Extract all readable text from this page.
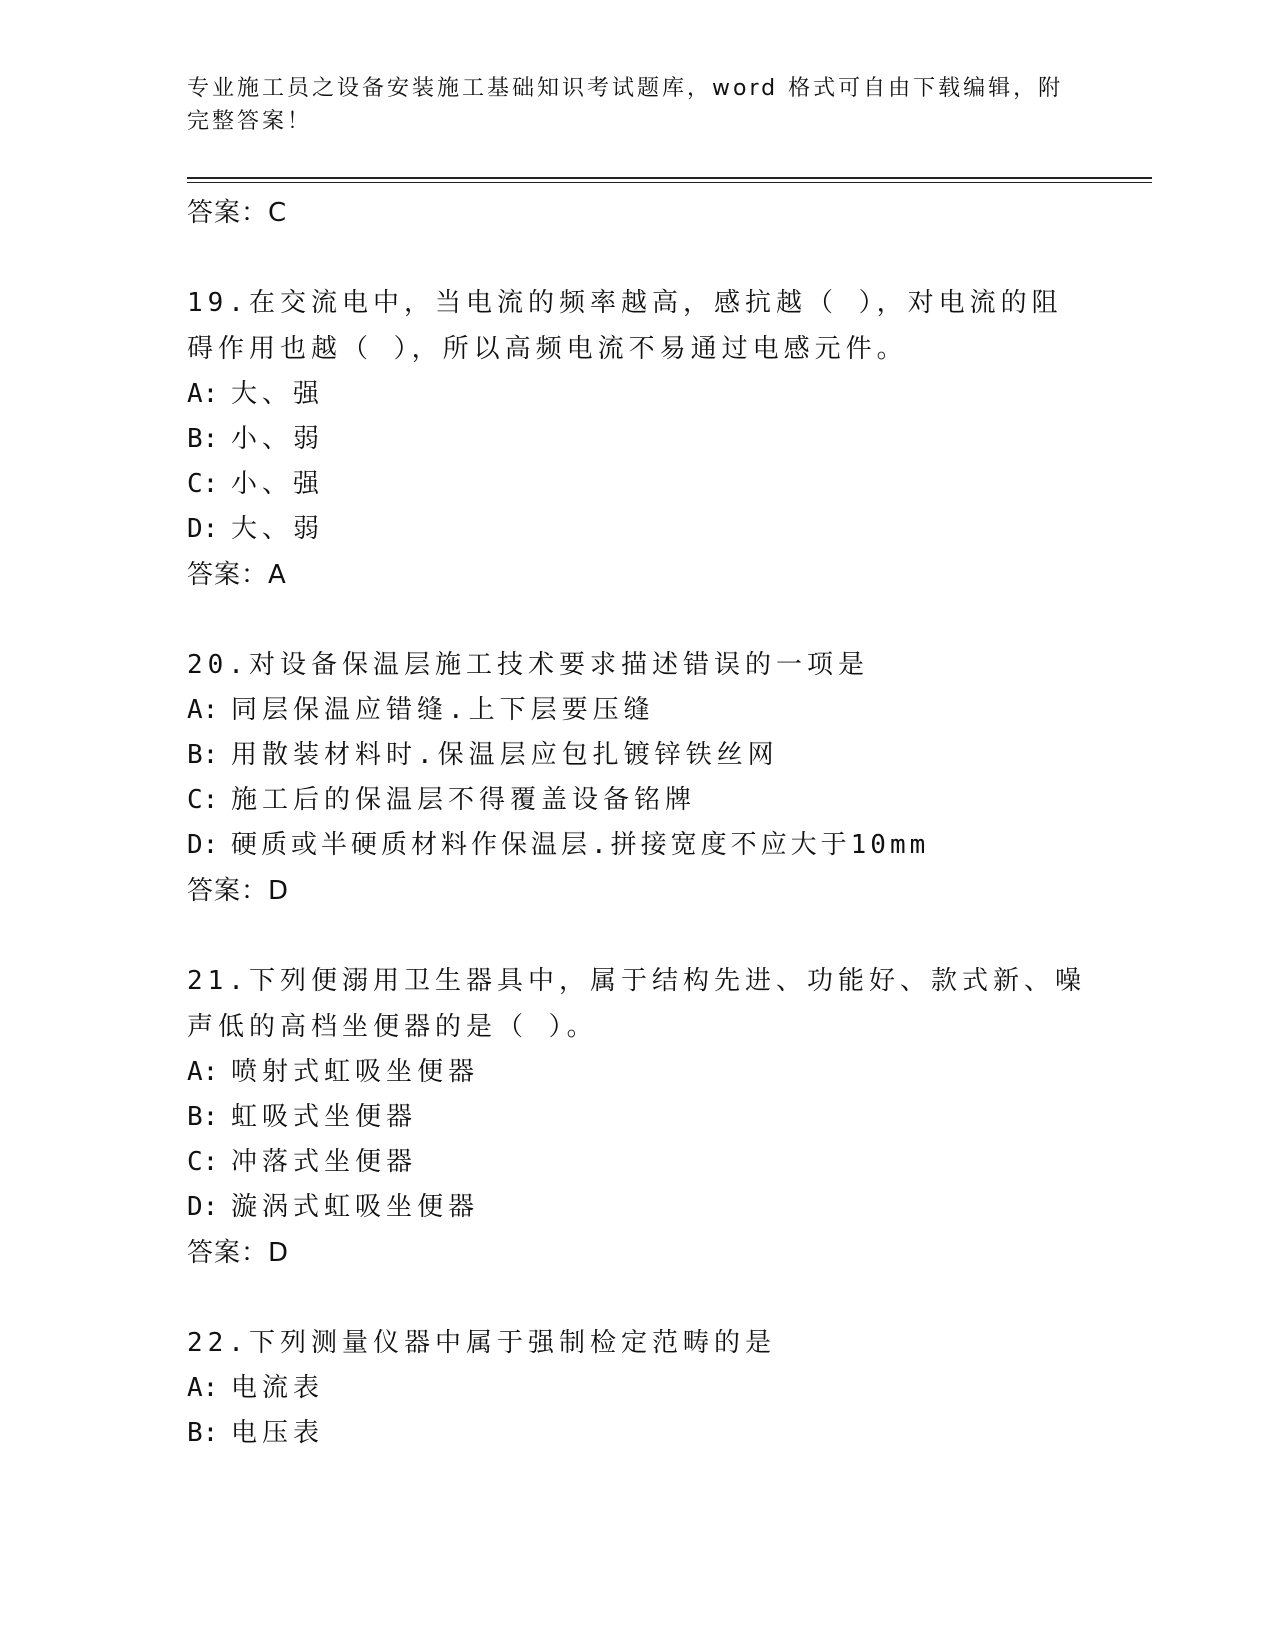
专业施工员之设备安装施工基础知识考试题库，word 格式可自由下载编辑，附完整答案！
答案：C
19.在交流电中，当电流的频率越高，感抗越（ ），对电流的阻碍作用也越（ ），所以高频电流不易通过电感元件。
A: 大、强
B: 小、弱
C: 小、强
D: 大、弱
答案：A
20.对设备保温层施工技术要求描述错误的一项是
A: 同层保温应错缝.上下层要压缝
B: 用散装材料时.保温层应包扎镀锌铁丝网
C: 施工后的保温层不得覆盖设备铭牌
D: 硬质或半硬质材料作保温层.拼接宽度不应大于10mm
答案：D
21.下列便溺用卫生器具中，属于结构先进、功能好、款式新、噪声低的高档坐便器的是（ ）。
A: 喷射式虹吸坐便器
B: 虹吸式坐便器
C: 冲落式坐便器
D: 漩涡式虹吸坐便器
答案：D
22.下列测量仪器中属于强制检定范畴的是
A: 电流表
B: 电压表
